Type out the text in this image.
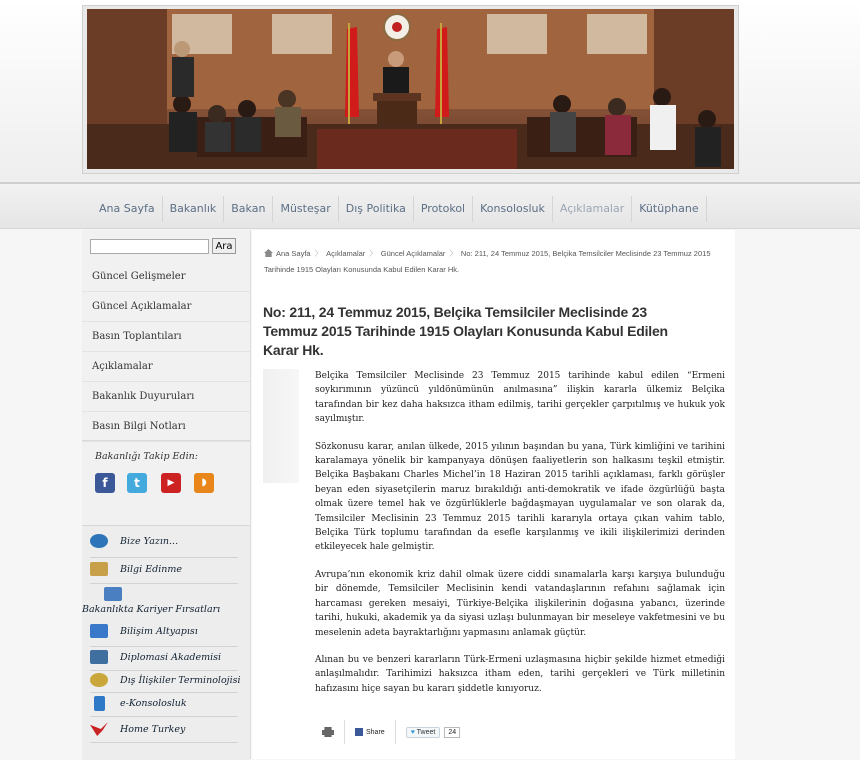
Ana Sayfa	Bakanlık	Bakan	Müsteşar	Dış Politika	Protokol	Konsolosluk	Açıklamalar	Kütüphane
Ara
Güncel Gelişmeler
Güncel Açıklamalar
Basın Toplantıları
Açıklamalar
Bakanlık Duyuruları
Basın Bilgi Notları
Bakanlığı Takip Edin:
f	t	▶	◗
Bize Yazın...
Bilgi Edinme
Bakanlıkta Kariyer Fırsatları
Bilişim Altyapısı
Diplomasi Akademisi
Dış İlişkiler Terminolojisi
e-Konsolosluk
Home Turkey
Ana Sayfa 〉 Açıklamalar 〉 Güncel Açıklamalar 〉 No: 211, 24 Temmuz 2015, Belçika Temsilciler Meclisinde 23 Temmuz 2015 Tarihinde 1915 Olayları Konusunda Kabul Edilen Karar Hk.
No: 211, 24 Temmuz 2015, Belçika Temsilciler Meclisinde 23 Temmuz 2015 Tarihinde 1915 Olayları Konusunda Kabul Edilen Karar Hk.

Belçika Temsilciler Meclisinde 23 Temmuz 2015 tarihinde kabul edilen “Ermeni soykırımının yüzüncü yıldönümünün anılmasına” ilişkin kararla ülkemiz Belçika tarafından bir kez daha haksızca itham edilmiş, tarihi gerçekler çarpıtılmış ve hukuk yok sayılmıştır.

Sözkonusu karar, anılan ülkede, 2015 yılının başından bu yana, Türk kimliğini ve tarihini karalamaya yönelik bir kampanyaya dönüşen faaliyetlerin son halkasını teşkil etmiştir. Belçika Başbakanı Charles Michel’in 18 Haziran 2015 tarihli açıklaması, farklı görüşler beyan eden siyasetçilerin maruz bırakıldığı anti-demokratik ve ifade özgürlüğü başta olmak üzere temel hak ve özgürlüklerle bağdaşmayan uygulamalar ve son olarak da, Temsilciler Meclisinin 23 Temmuz 2015 tarihli kararıyla ortaya çıkan vahim tablo, Belçika Türk toplumu tarafından da esefle karşılanmış ve ikili ilişkilerimizi derinden etkileyecek hale gelmiştir.

Avrupa’nın ekonomik kriz dahil olmak üzere ciddi sınamalarla karşı karşıya bulunduğu bir dönemde, Temsilciler Meclisinin kendi vatandaşlarının refahını sağlamak için harcaması gereken mesaiyi, Türkiye-Belçika ilişkilerinin doğasına yabancı, üzerinde tarihi, hukuki, akademik ya da siyasi uzlaşı bulunmayan bir meseleye vakfetmesini ve bu meselenin adeta bayraktarlığını yapmasını anlamak güçtür.

Alınan bu ve benzeri kararların Türk-Ermeni uzlaşmasına hiçbir şekilde hizmet etmediği anlaşılmalıdır. Tarihimizi haksızca itham eden, tarihi gerçekleri ve Türk milletinin hafızasını hiçe sayan bu kararı şiddetle kınıyoruz.

Share	♥ Tweet	24
